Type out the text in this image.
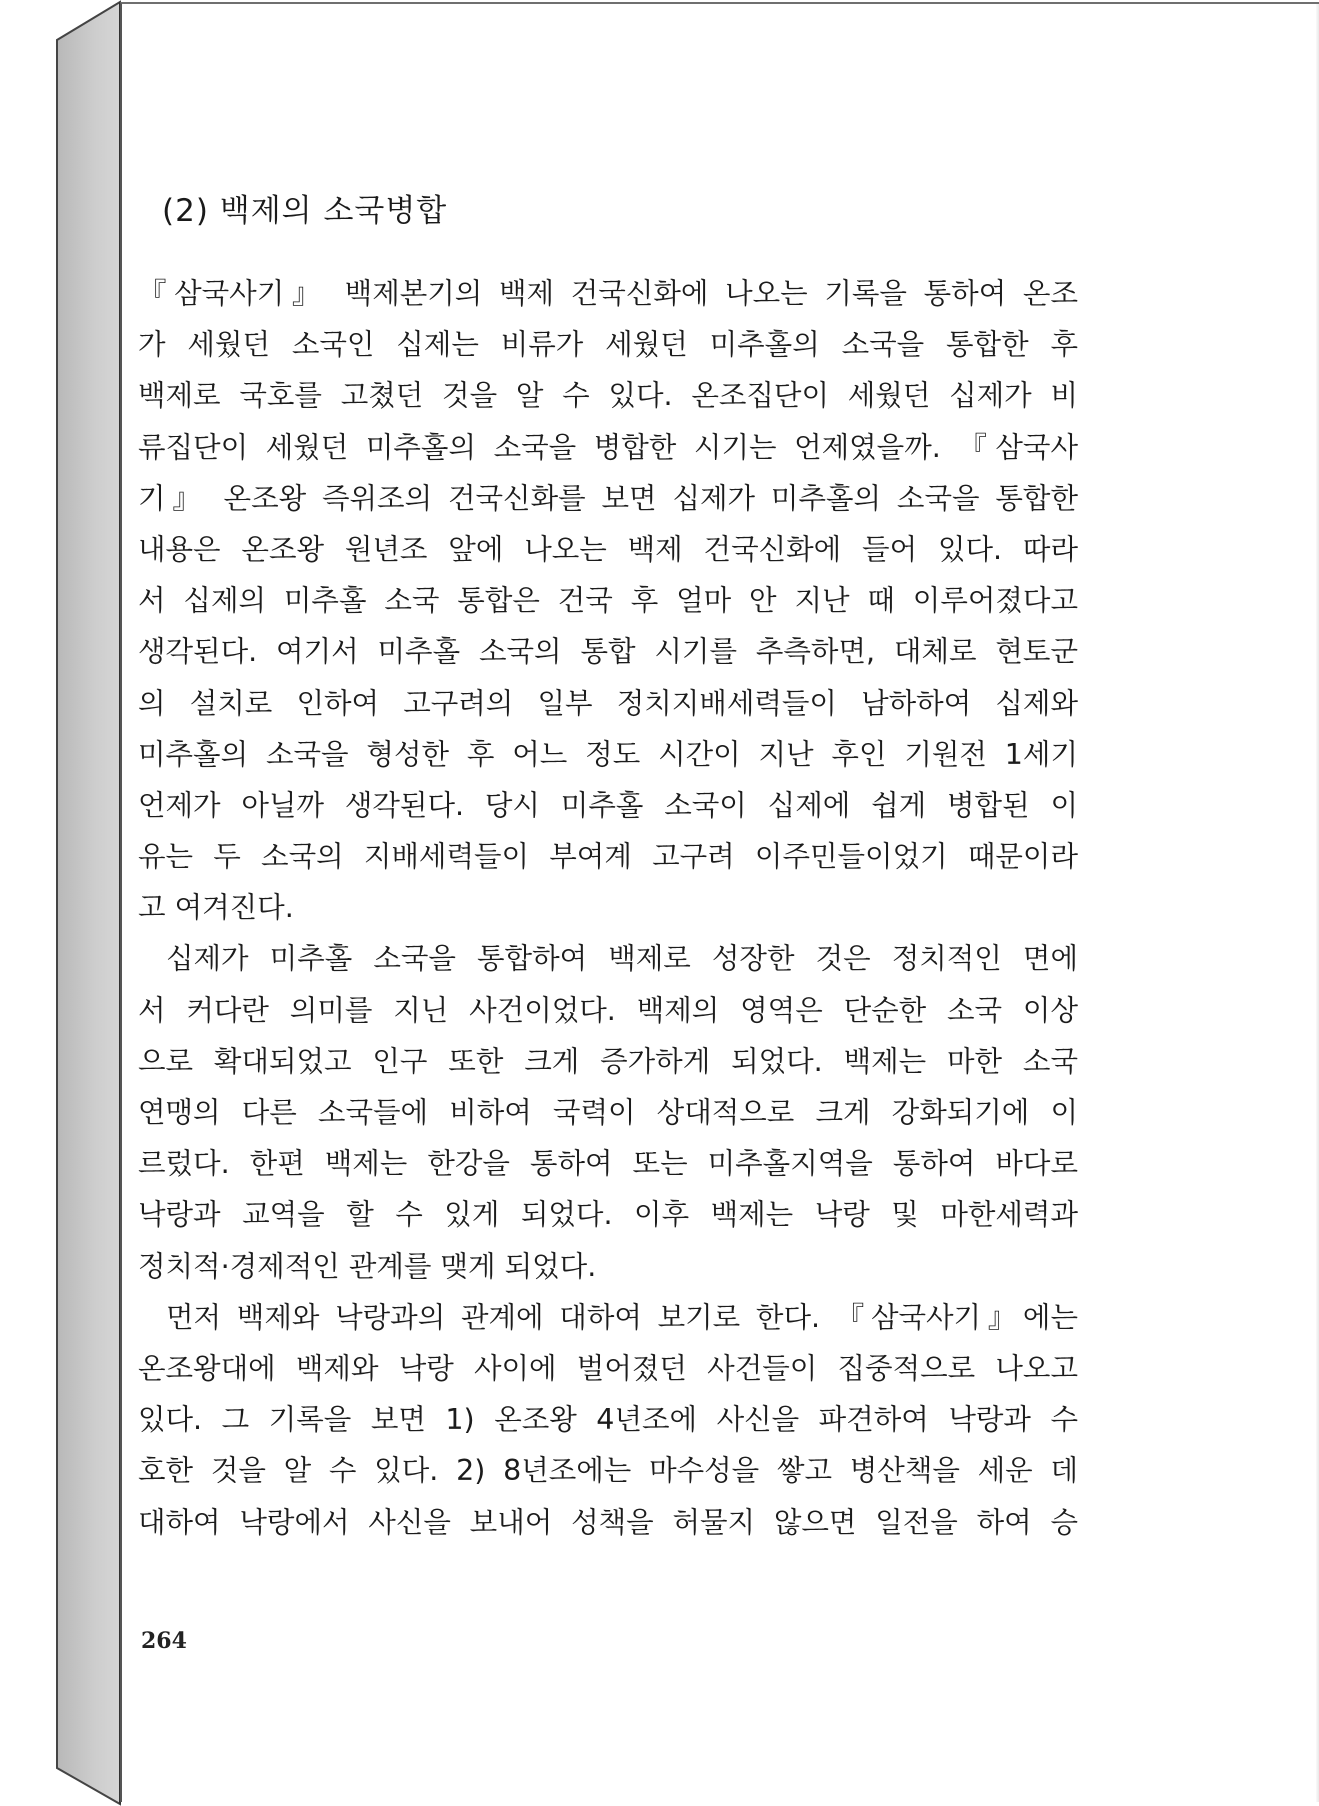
(2) 백제의 소국병합
『삼국사기』 백제본기의 백제 건국신화에 나오는 기록을 통하여 온조
가 세웠던 소국인 십제는 비류가 세웠던 미추홀의 소국을 통합한 후
백제로 국호를 고쳤던 것을 알 수 있다. 온조집단이 세웠던 십제가 비
류집단이 세웠던 미추홀의 소국을 병합한 시기는 언제였을까. 『삼국사
기』 온조왕 즉위조의 건국신화를 보면 십제가 미추홀의 소국을 통합한
내용은 온조왕 원년조 앞에 나오는 백제 건국신화에 들어 있다. 따라
서 십제의 미추홀 소국 통합은 건국 후 얼마 안 지난 때 이루어졌다고
생각된다. 여기서 미추홀 소국의 통합 시기를 추측하면, 대체로 현토군
의 설치로 인하여 고구려의 일부 정치지배세력들이 남하하여 십제와
미추홀의 소국을 형성한 후 어느 정도 시간이 지난 후인 기원전 1세기
언제가 아닐까 생각된다. 당시 미추홀 소국이 십제에 쉽게 병합된 이
유는 두 소국의 지배세력들이 부여계 고구려 이주민들이었기 때문이라
고 여겨진다.
십제가 미추홀 소국을 통합하여 백제로 성장한 것은 정치적인 면에
서 커다란 의미를 지닌 사건이었다. 백제의 영역은 단순한 소국 이상
으로 확대되었고 인구 또한 크게 증가하게 되었다. 백제는 마한 소국
연맹의 다른 소국들에 비하여 국력이 상대적으로 크게 강화되기에 이
르렀다. 한편 백제는 한강을 통하여 또는 미추홀지역을 통하여 바다로
낙랑과 교역을 할 수 있게 되었다. 이후 백제는 낙랑 및 마한세력과
정치적·경제적인 관계를 맺게 되었다.
먼저 백제와 낙랑과의 관계에 대하여 보기로 한다. 『삼국사기』에는
온조왕대에 백제와 낙랑 사이에 벌어졌던 사건들이 집중적으로 나오고
있다. 그 기록을 보면 1) 온조왕 4년조에 사신을 파견하여 낙랑과 수
호한 것을 알 수 있다. 2) 8년조에는 마수성을 쌓고 병산책을 세운 데
대하여 낙랑에서 사신을 보내어 성책을 허물지 않으면 일전을 하여 승
264
